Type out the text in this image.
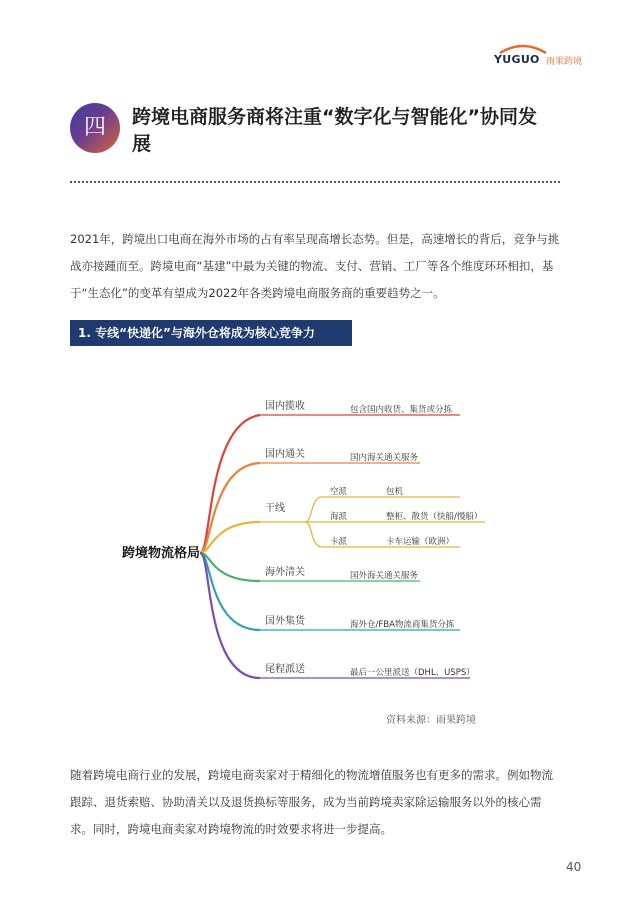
YUGUO 雨果跨境
四	跨境电商服务商将注重“数字化与智能化”协同发展

2021年，跨境出口电商在海外市场的占有率呈现高增长态势。但是，高速增长的背后，竞争与挑战亦接踵而至。跨境电商“基建”中最为关键的物流、支付、营销、工厂等各个维度环环相扣，基于“生态化”的变革有望成为2022年各类跨境电商服务商的重要趋势之一。

1. 专线“快递化”与海外仓将成为核心竞争力
跨境物流格局
国内揽收	包含国内收货、集货或分拣
国内通关	国内海关通关服务
干线
空派	包机
海派	整柜、散货（快船/慢船）
卡派	卡车运输（欧洲）
海外清关	国外海关通关服务
国外集货	海外仓/FBA物流商集货分拣
尾程派送	最后一公里派送（DHL、USPS）
资料来源：雨果跨境

随着跨境电商行业的发展，跨境电商卖家对于精细化的物流增值服务也有更多的需求。例如物流跟踪、退货索赔、协助清关以及退货换标等服务，成为当前跨境卖家除运输服务以外的核心需求。同时，跨境电商卖家对跨境物流的时效要求将进一步提高。

40
